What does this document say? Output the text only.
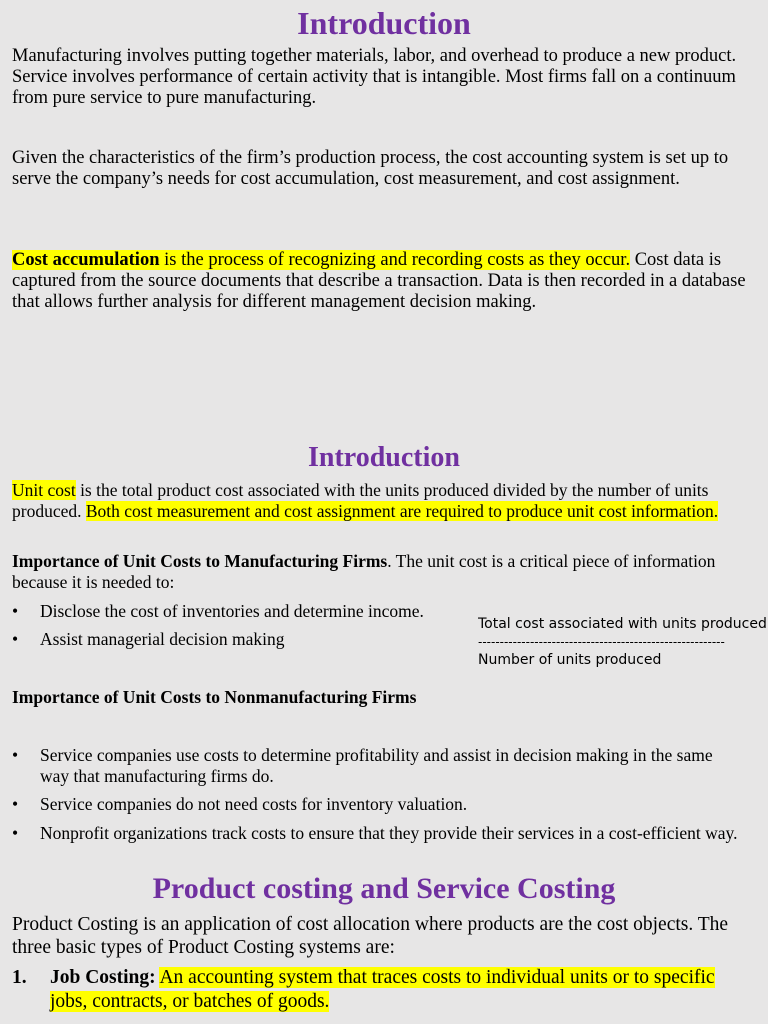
Introduction

Manufacturing involves putting together materials, labor, and overhead to produce a new product. Service involves performance of certain activity that is intangible. Most firms fall on a continuum from pure service to pure manufacturing.

Given the characteristics of the firm’s production process, the cost accounting system is set up to serve the company’s needs for cost accumulation, cost measurement, and cost assignment.

Cost accumulation is the process of recognizing and recording costs as they occur. Cost data is captured from the source documents that describe a transaction. Data is then recorded in a database that allows further analysis for different management decision making.

Introduction

Unit cost is the total product cost associated with the units produced divided by the number of units produced. Both cost measurement and cost assignment are required to produce unit cost information.

Importance of Unit Costs to Manufacturing Firms. The unit cost is a critical piece of information because it is needed to:

• Disclose the cost of inventories and determine income.
• Assist managerial decision making
Total cost associated with units produced
---------------------------------------------------------
Number of units produced

Importance of Unit Costs to Nonmanufacturing Firms

• Service companies use costs to determine profitability and assist in decision making in the same way that manufacturing firms do.
• Service companies do not need costs for inventory valuation.
• Nonprofit organizations track costs to ensure that they provide their services in a cost-efficient way.
Product costing and Service Costing

Product Costing is an application of cost allocation where products are the cost objects. The three basic types of Product Costing systems are:

1. Job Costing: An accounting system that traces costs to individual units or to specific jobs, contracts, or batches of goods.
